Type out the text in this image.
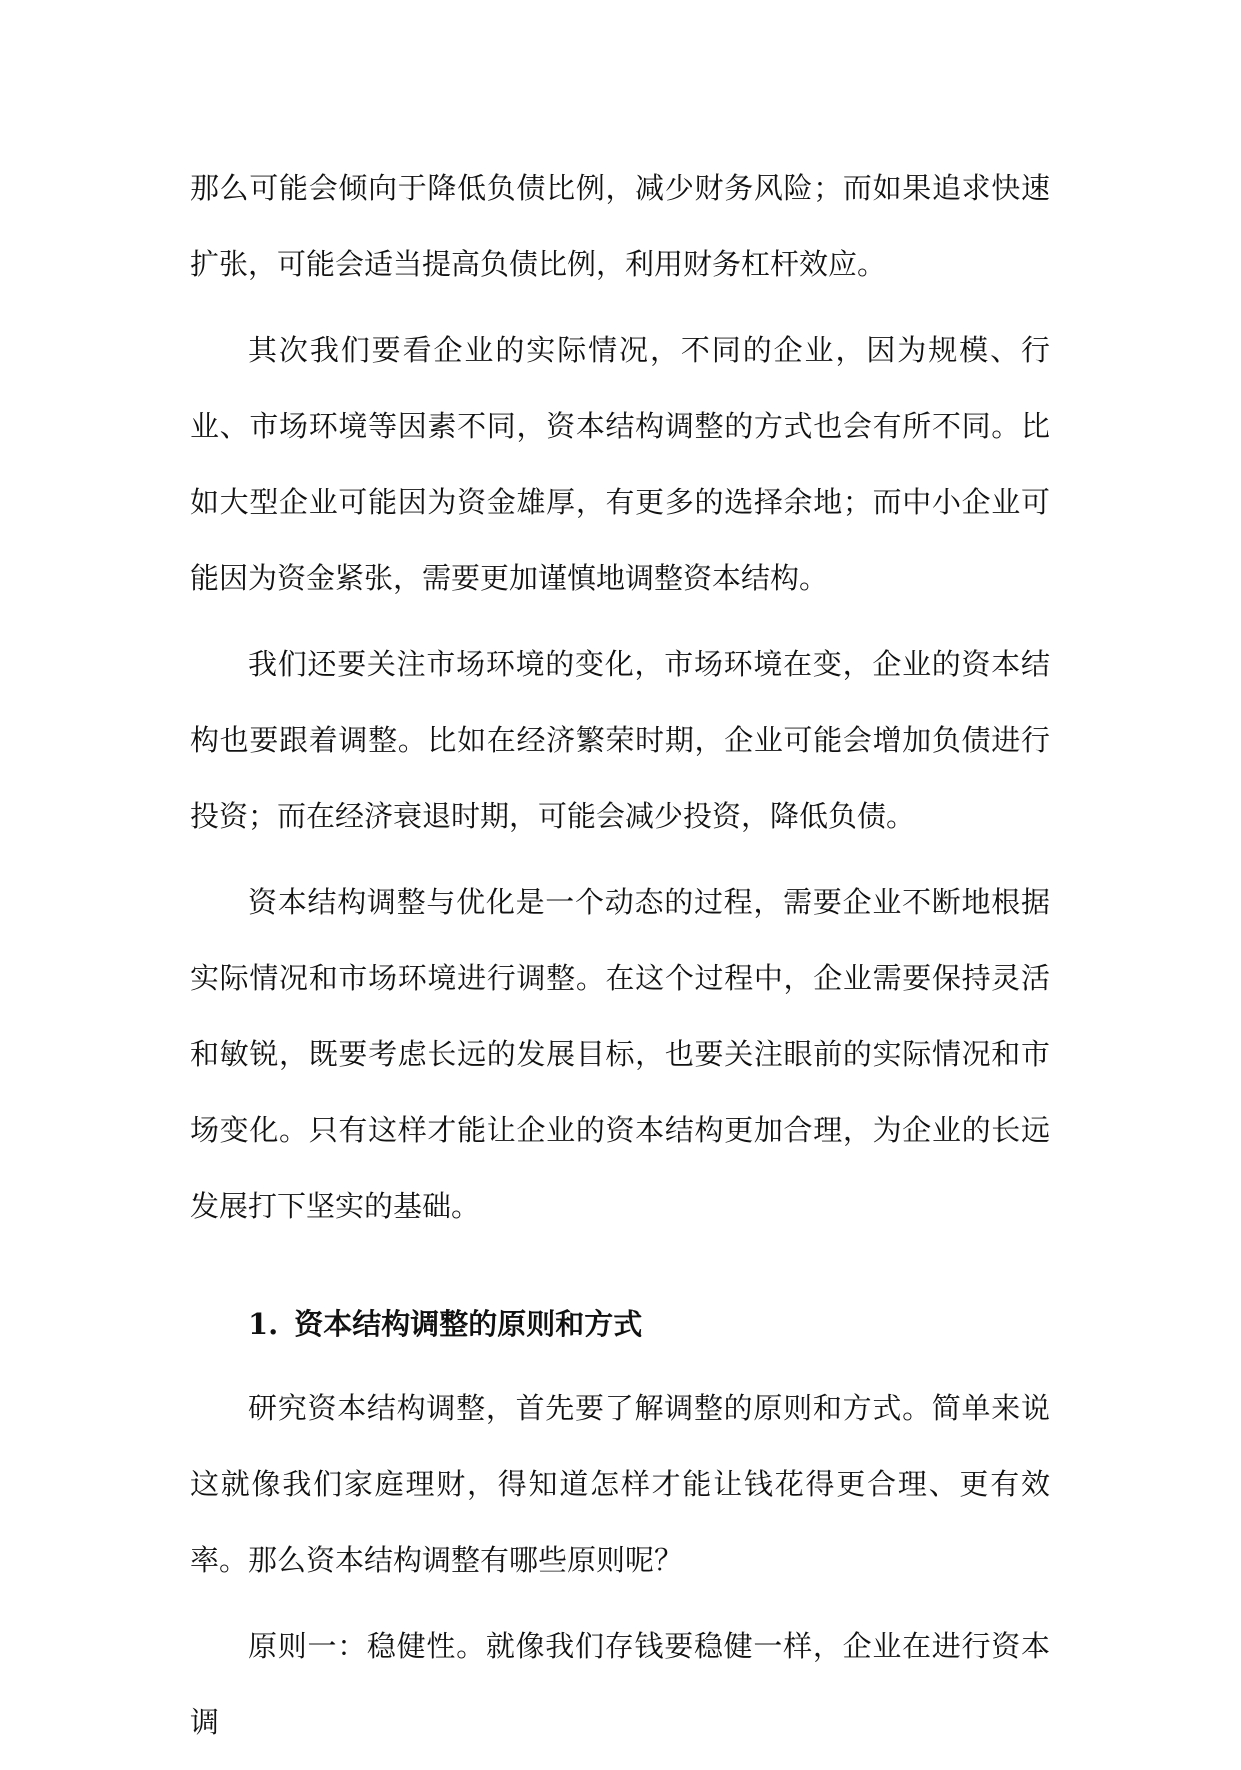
那么可能会倾向于降低负债比例，减少财务风险；而如果追求快速扩张，可能会适当提高负债比例，利用财务杠杆效应。

其次我们要看企业的实际情况，不同的企业，因为规模、行业、市场环境等因素不同，资本结构调整的方式也会有所不同。比如大型企业可能因为资金雄厚，有更多的选择余地；而中小企业可能因为资金紧张，需要更加谨慎地调整资本结构。

我们还要关注市场环境的变化，市场环境在变，企业的资本结构也要跟着调整。比如在经济繁荣时期，企业可能会增加负债进行投资；而在经济衰退时期，可能会减少投资，降低负债。

资本结构调整与优化是一个动态的过程，需要企业不断地根据实际情况和市场环境进行调整。在这个过程中，企业需要保持灵活和敏锐，既要考虑长远的发展目标，也要关注眼前的实际情况和市场变化。只有这样才能让企业的资本结构更加合理，为企业的长远发展打下坚实的基础。

1. 资本结构调整的原则和方式

研究资本结构调整，首先要了解调整的原则和方式。简单来说这就像我们家庭理财，得知道怎样才能让钱花得更合理、更有效率。那么资本结构调整有哪些原则呢？

原则一：稳健性。就像我们存钱要稳健一样，企业在进行资本调
